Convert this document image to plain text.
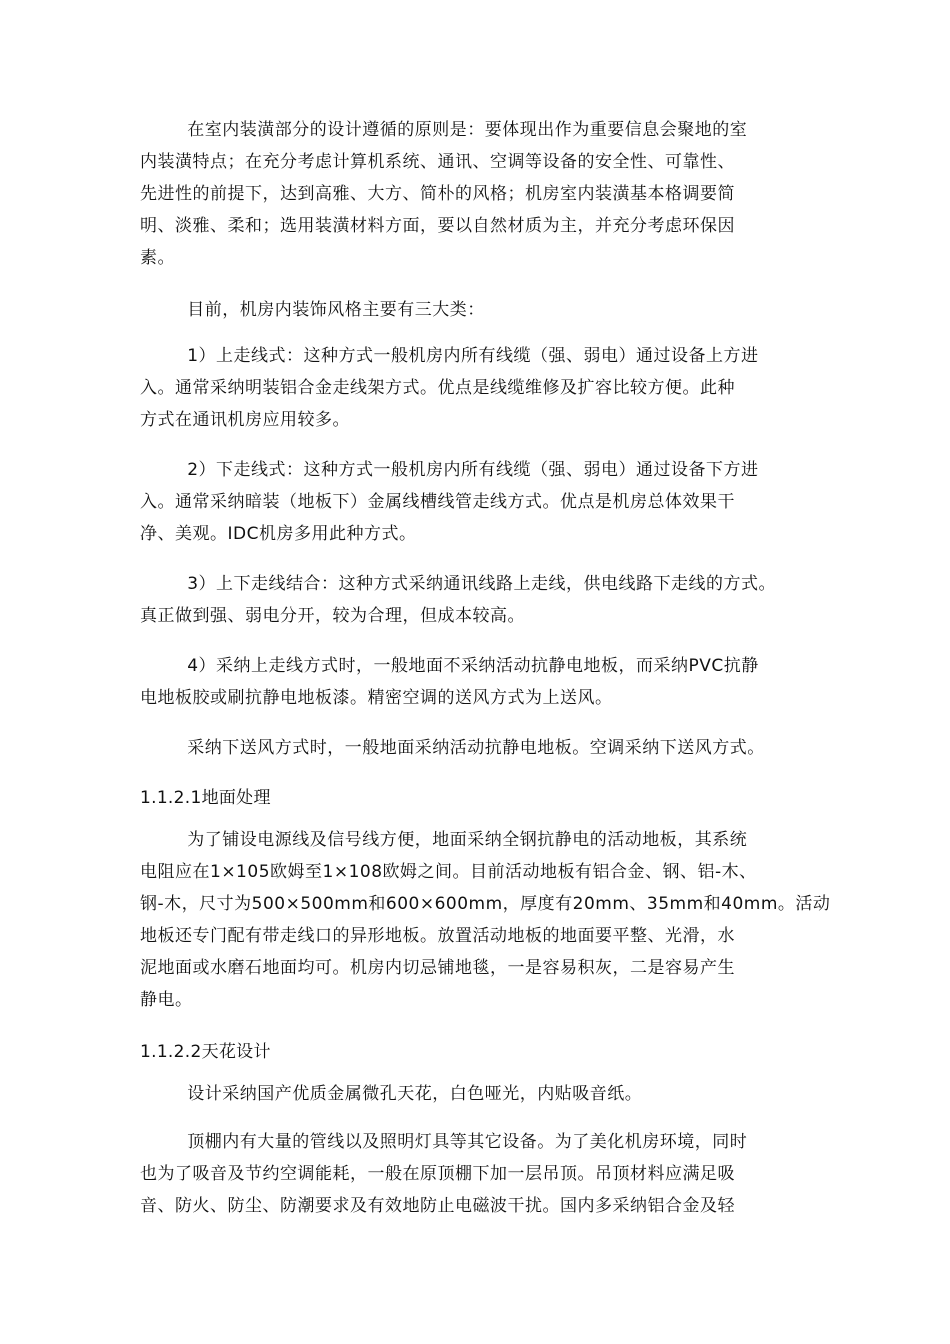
在室内装潢部分的设计遵循的原则是：要体现出作为重要信息会聚地的室
内装潢特点；在充分考虑计算机系统、通讯、空调等设备的安全性、可靠性、
先进性的前提下，达到高雅、大方、简朴的风格；机房室内装潢基本格调要简
明、淡雅、柔和；选用装潢材料方面，要以自然材质为主，并充分考虑环保因
素。
目前，机房内装饰风格主要有三大类：
1）上走线式：这种方式一般机房内所有线缆（强、弱电）通过设备上方进
入。通常采纳明装铝合金走线架方式。优点是线缆维修及扩容比较方便。此种
方式在通讯机房应用较多。
2）下走线式：这种方式一般机房内所有线缆（强、弱电）通过设备下方进
入。通常采纳暗装（地板下）金属线槽线管走线方式。优点是机房总体效果干
净、美观。IDC机房多用此种方式。
3）上下走线结合：这种方式采纳通讯线路上走线，供电线路下走线的方式。
真正做到强、弱电分开，较为合理，但成本较高。
4）采纳上走线方式时，一般地面不采纳活动抗静电地板，而采纳PVC抗静
电地板胶或刷抗静电地板漆。精密空调的送风方式为上送风。
采纳下送风方式时，一般地面采纳活动抗静电地板。空调采纳下送风方式。
1.1.2.1地面处理
为了铺设电源线及信号线方便，地面采纳全钢抗静电的活动地板，其系统
电阻应在1×105欧姆至1×108欧姆之间。目前活动地板有铝合金、钢、铝-木、
钢-木，尺寸为500×500mm和600×600mm，厚度有20mm、35mm和40mm。活动
地板还专门配有带走线口的异形地板。放置活动地板的地面要平整、光滑，水
泥地面或水磨石地面均可。机房内切忌铺地毯，一是容易积灰，二是容易产生
静电。
1.1.2.2天花设计
设计采纳国产优质金属微孔天花，白色哑光，内贴吸音纸。
顶棚内有大量的管线以及照明灯具等其它设备。为了美化机房环境，同时
也为了吸音及节约空调能耗，一般在原顶棚下加一层吊顶。吊顶材料应满足吸
音、防火、防尘、防潮要求及有效地防止电磁波干扰。国内多采纳铝合金及轻
